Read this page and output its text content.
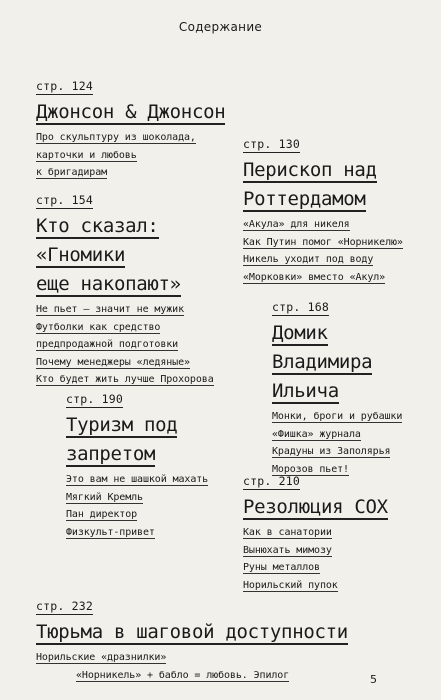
Содержание
стр. 124
Джонсон & Джонсон
Про скульптуру из шоколада,
карточки и любовь
к бригадирам
стр. 130
Перископ над
Роттердамом
«Акула» для никеля
Как Путин помог «Норникелю»
Никель уходит под воду
«Морковки» вместо «Акул»
стр. 154
Кто сказал:
«Гномики
еще накопают»
Не пьет – значит не мужик
Футболки как средство
предпродажной подготовки
Почему менеджеры «ледяные»
Кто будет жить лучше Прохорова
стр. 168
Домик
Владимира
Ильича
Монки, броги и рубашки
«Фишка» журнала
Крадуны из Заполярья
Морозов пьет!
стр. 190
Туризм под
запретом
Это вам не шашкой махать
Мягкий Кремль
Пан директор
Физкульт-привет
стр. 210
Резолюция СОХ
Как в санатории
Вынюхать мимозу
Руны металлов
Норильский пупок
стр. 232
Тюрьма в шаговой доступности
Норильские «дразнилки»
«Норникель» + бабло = любовь. Эпилог	5
